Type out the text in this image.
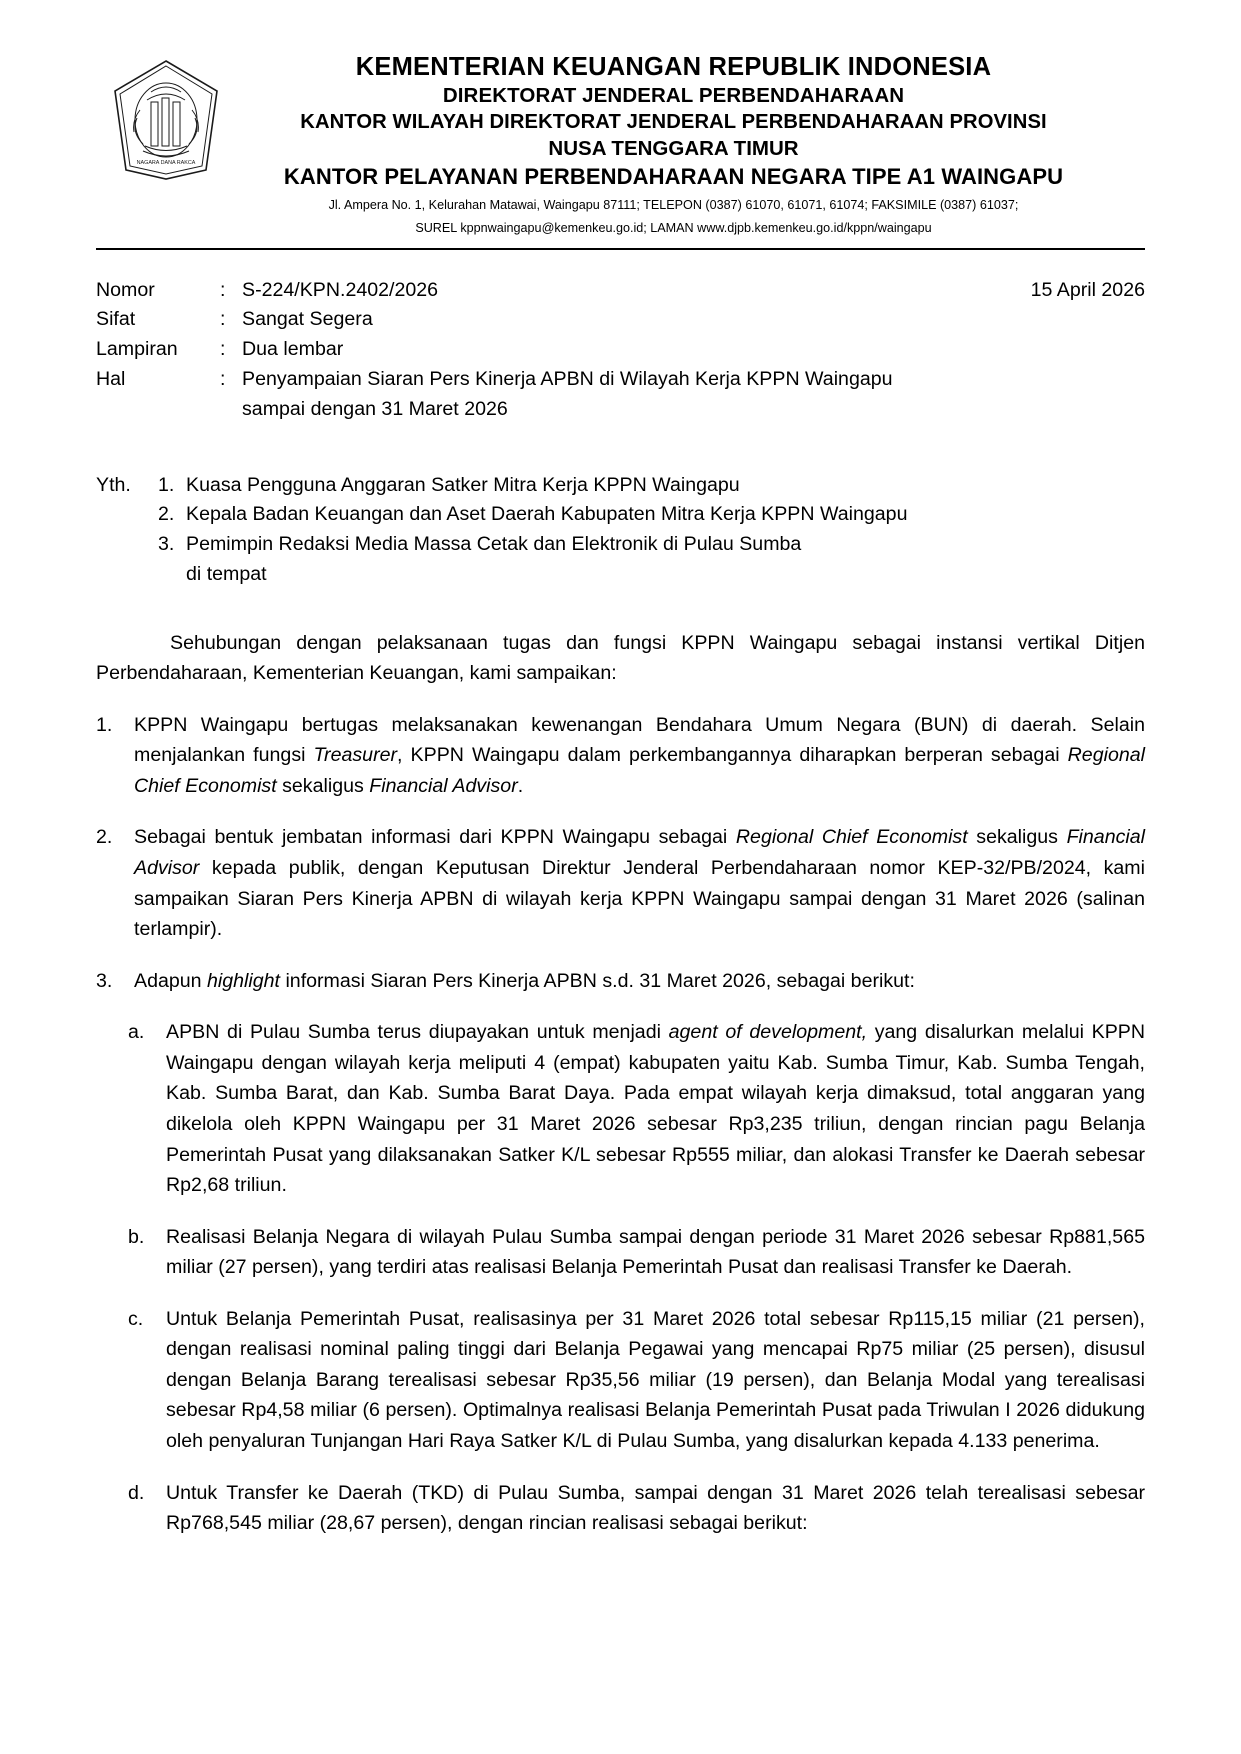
NAGARA DANA RAKCA
KEMENTERIAN KEUANGAN REPUBLIK INDONESIA
DIREKTORAT JENDERAL PERBENDAHARAAN
KANTOR WILAYAH DIREKTORAT JENDERAL PERBENDAHARAAN PROVINSI
NUSA TENGGARA TIMUR
KANTOR PELAYANAN PERBENDAHARAAN NEGARA TIPE A1 WAINGAPU
Jl. Ampera No. 1, Kelurahan Matawai, Waingapu 87111; TELEPON (0387) 61070, 61071, 61074; FAKSIMILE (0387) 61037;
SUREL kppnwaingapu@kemenkeu.go.id; LAMAN www.djpb.kemenkeu.go.id/kppn/waingapu
15 April 2026
Nomor	: S-224/KPN.2402/2026
Sifat	: Sangat Segera
Lampiran	: Dua lembar
Hal	: Penyampaian Siaran Pers Kinerja APBN di Wilayah Kerja KPPN Waingapu
sampai dengan 31 Maret 2026
Yth.	1. Kuasa Pengguna Anggaran Satker Mitra Kerja KPPN Waingapu
2. Kepala Badan Keuangan dan Aset Daerah Kabupaten Mitra Kerja KPPN Waingapu
3. Pemimpin Redaksi Media Massa Cetak dan Elektronik di Pulau Sumba
di tempat

Sehubungan dengan pelaksanaan tugas dan fungsi KPPN Waingapu sebagai instansi vertikal Ditjen Perbendaharaan, Kementerian Keuangan, kami sampaikan:

1.	KPPN Waingapu bertugas melaksanakan kewenangan Bendahara Umum Negara (BUN) di daerah. Selain menjalankan fungsi Treasurer, KPPN Waingapu dalam perkembangannya diharapkan berperan sebagai Regional Chief Economist sekaligus Financial Advisor.
2.	Sebagai bentuk jembatan informasi dari KPPN Waingapu sebagai Regional Chief Economist sekaligus Financial Advisor kepada publik, dengan Keputusan Direktur Jenderal Perbendaharaan nomor KEP-32/PB/2024, kami sampaikan Siaran Pers Kinerja APBN di wilayah kerja KPPN Waingapu sampai dengan 31 Maret 2026 (salinan terlampir).
3.	Adapun highlight informasi Siaran Pers Kinerja APBN s.d. 31 Maret 2026, sebagai berikut:
a.	APBN di Pulau Sumba terus diupayakan untuk menjadi agent of development, yang disalurkan melalui KPPN Waingapu dengan wilayah kerja meliputi 4 (empat) kabupaten yaitu Kab. Sumba Timur, Kab. Sumba Tengah, Kab. Sumba Barat, dan Kab. Sumba Barat Daya. Pada empat wilayah kerja dimaksud, total anggaran yang dikelola oleh KPPN Waingapu per 31 Maret 2026 sebesar Rp3,235 triliun, dengan rincian pagu Belanja Pemerintah Pusat yang dilaksanakan Satker K/L sebesar Rp555 miliar, dan alokasi Transfer ke Daerah sebesar Rp2,68 triliun.
b.	Realisasi Belanja Negara di wilayah Pulau Sumba sampai dengan periode 31 Maret 2026 sebesar Rp881,565 miliar (27 persen), yang terdiri atas realisasi Belanja Pemerintah Pusat dan realisasi Transfer ke Daerah.
c.	Untuk Belanja Pemerintah Pusat, realisasinya per 31 Maret 2026 total sebesar Rp115,15 miliar (21 persen), dengan realisasi nominal paling tinggi dari Belanja Pegawai yang mencapai Rp75 miliar (25 persen), disusul dengan Belanja Barang terealisasi sebesar Rp35,56 miliar (19 persen), dan Belanja Modal yang terealisasi sebesar Rp4,58 miliar (6 persen). Optimalnya realisasi Belanja Pemerintah Pusat pada Triwulan I 2026 didukung oleh penyaluran Tunjangan Hari Raya Satker K/L di Pulau Sumba, yang disalurkan kepada 4.133 penerima.
d.	Untuk Transfer ke Daerah (TKD) di Pulau Sumba, sampai dengan 31 Maret 2026 telah terealisasi sebesar Rp768,545 miliar (28,67 persen), dengan rincian realisasi sebagai berikut:
